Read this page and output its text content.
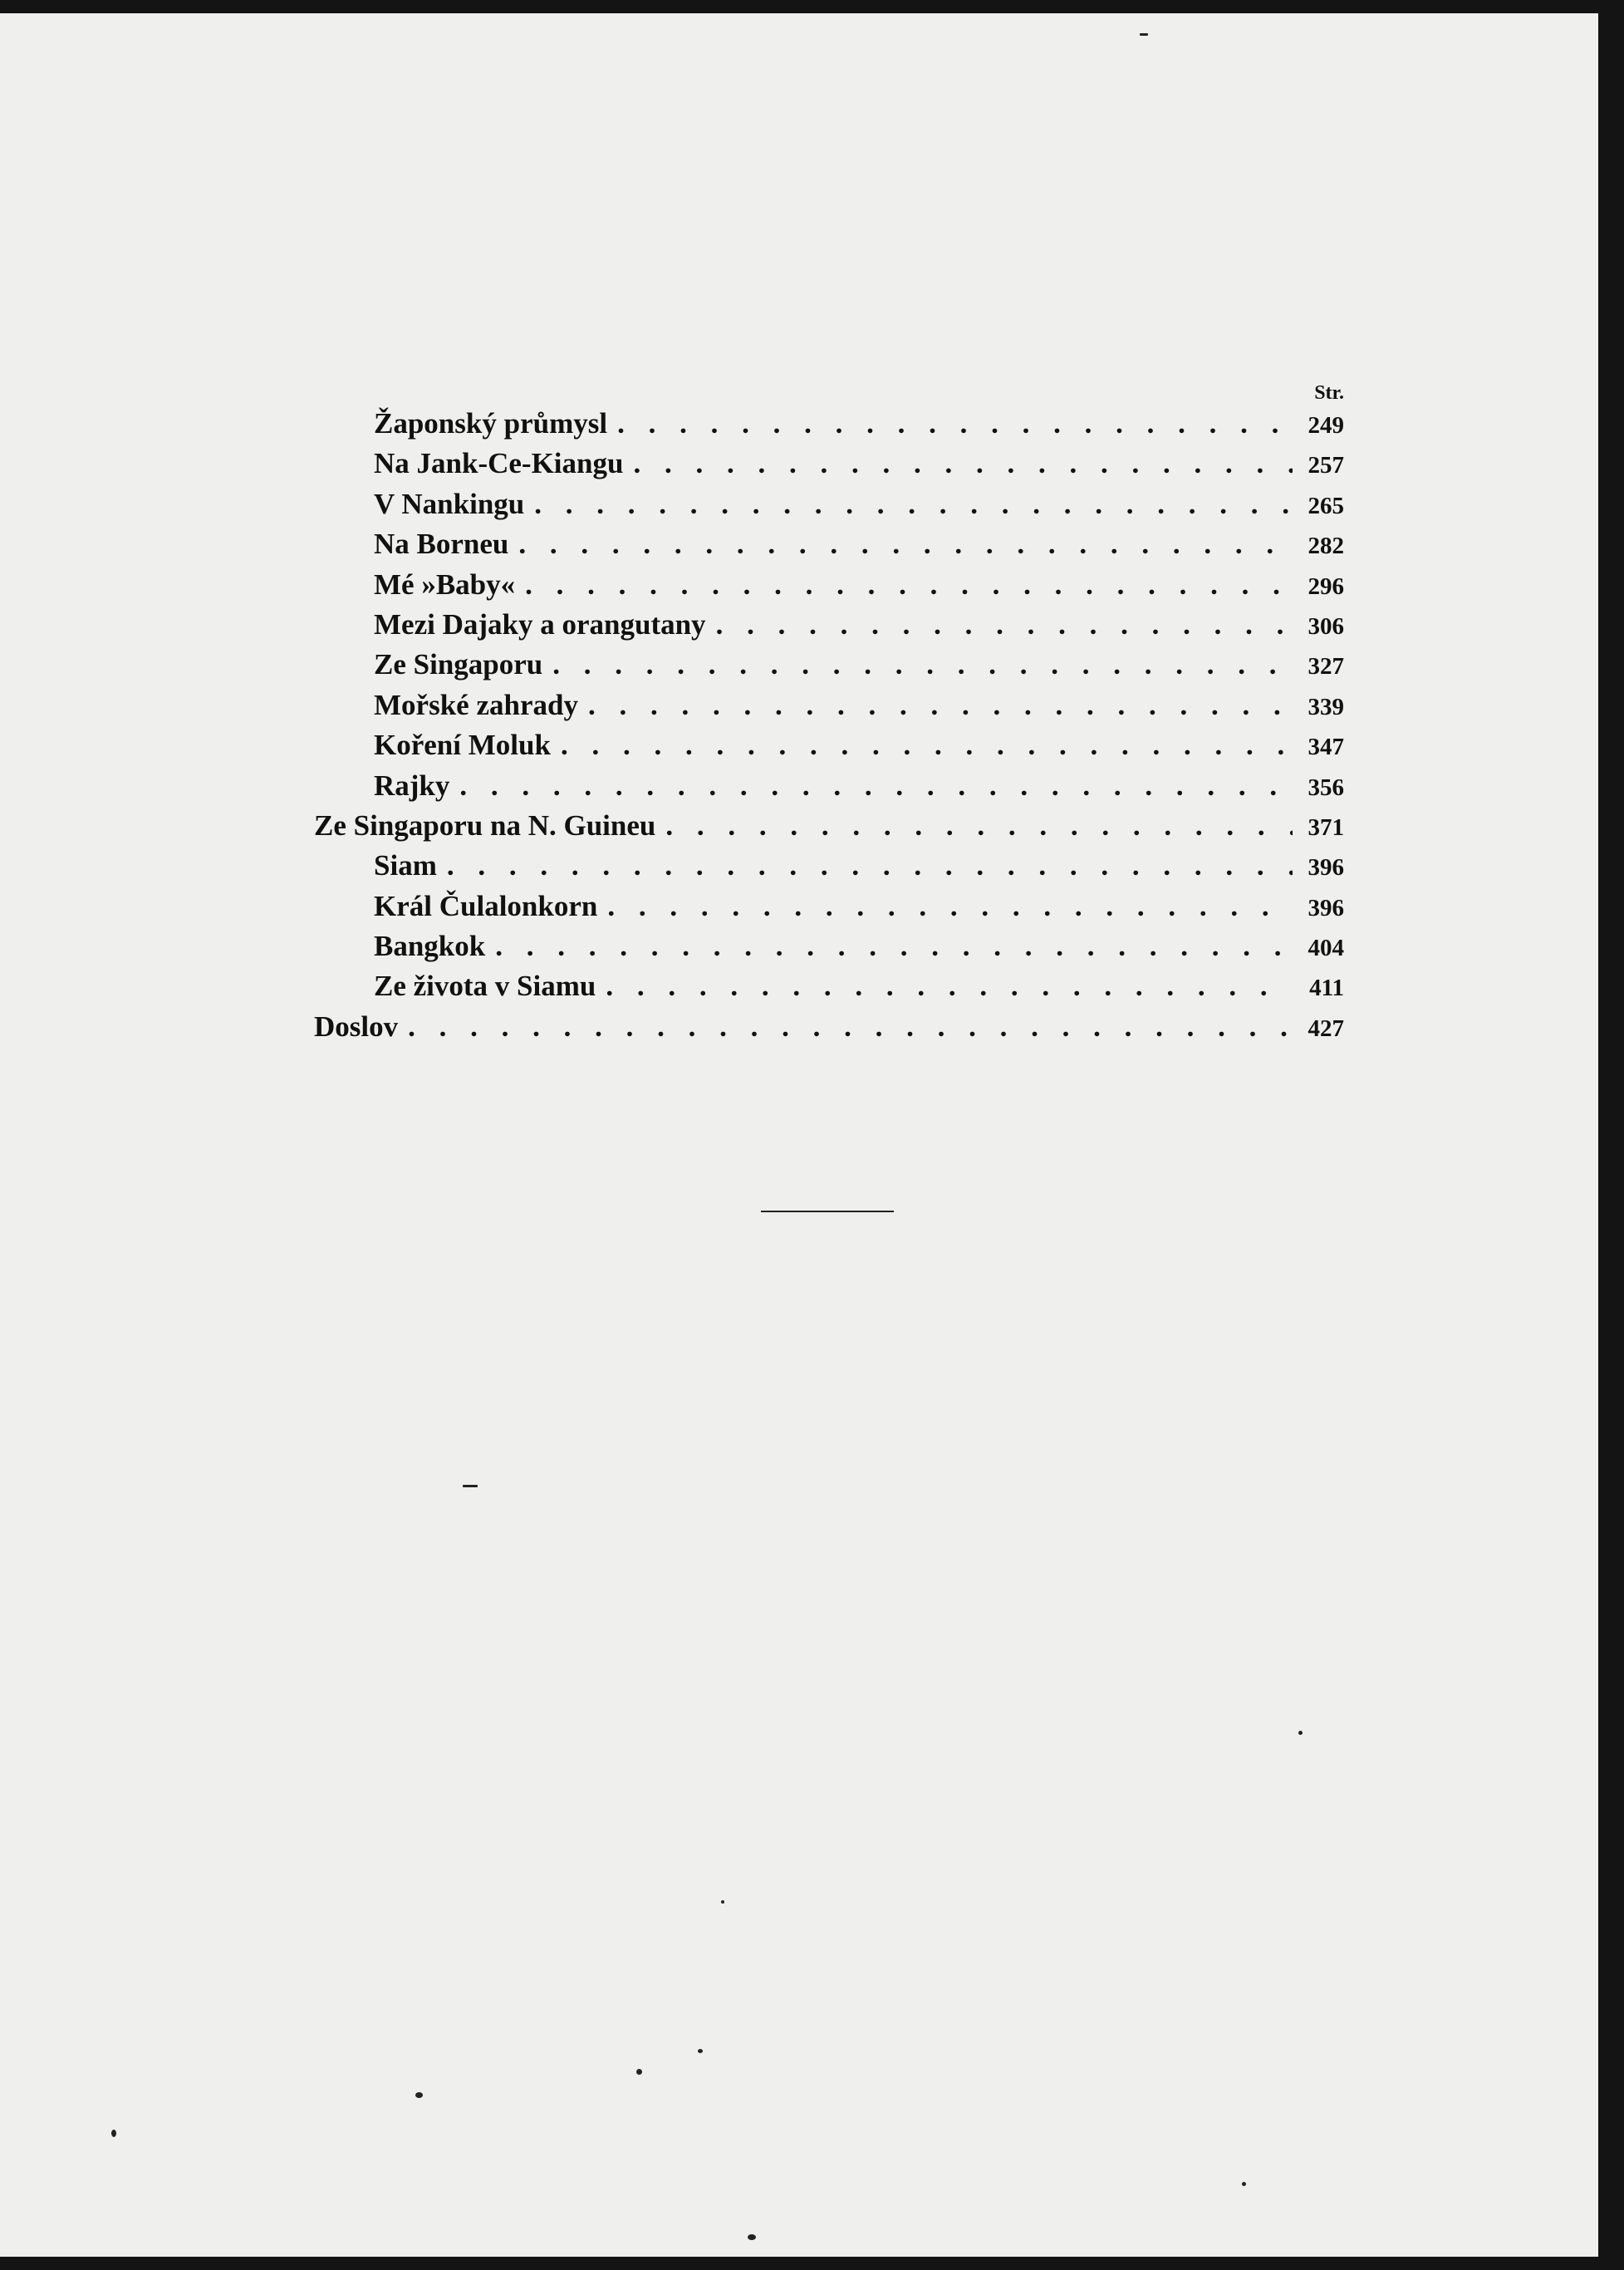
Str.
Žaponský průmysl . . .	249
Na Jank-Ce-Kiangu . . .	257
V Nankingu . . .	265
Na Borneu . . .	282
Mé »Baby« . . .	296
Mezi Dajaky a orangutany . . .	306
Ze Singaporu . . .	327
Mořské zahrady . . .	339
Koření Moluk . . .	347
Rajky . . .	356
Ze Singaporu na N. Guineu . . .	371
Siam . . .	396
Král Čulalonkorn . . .	396
Bangkok . . .	404
Ze života v Siamu . . .	411
Doslov . . .	427
